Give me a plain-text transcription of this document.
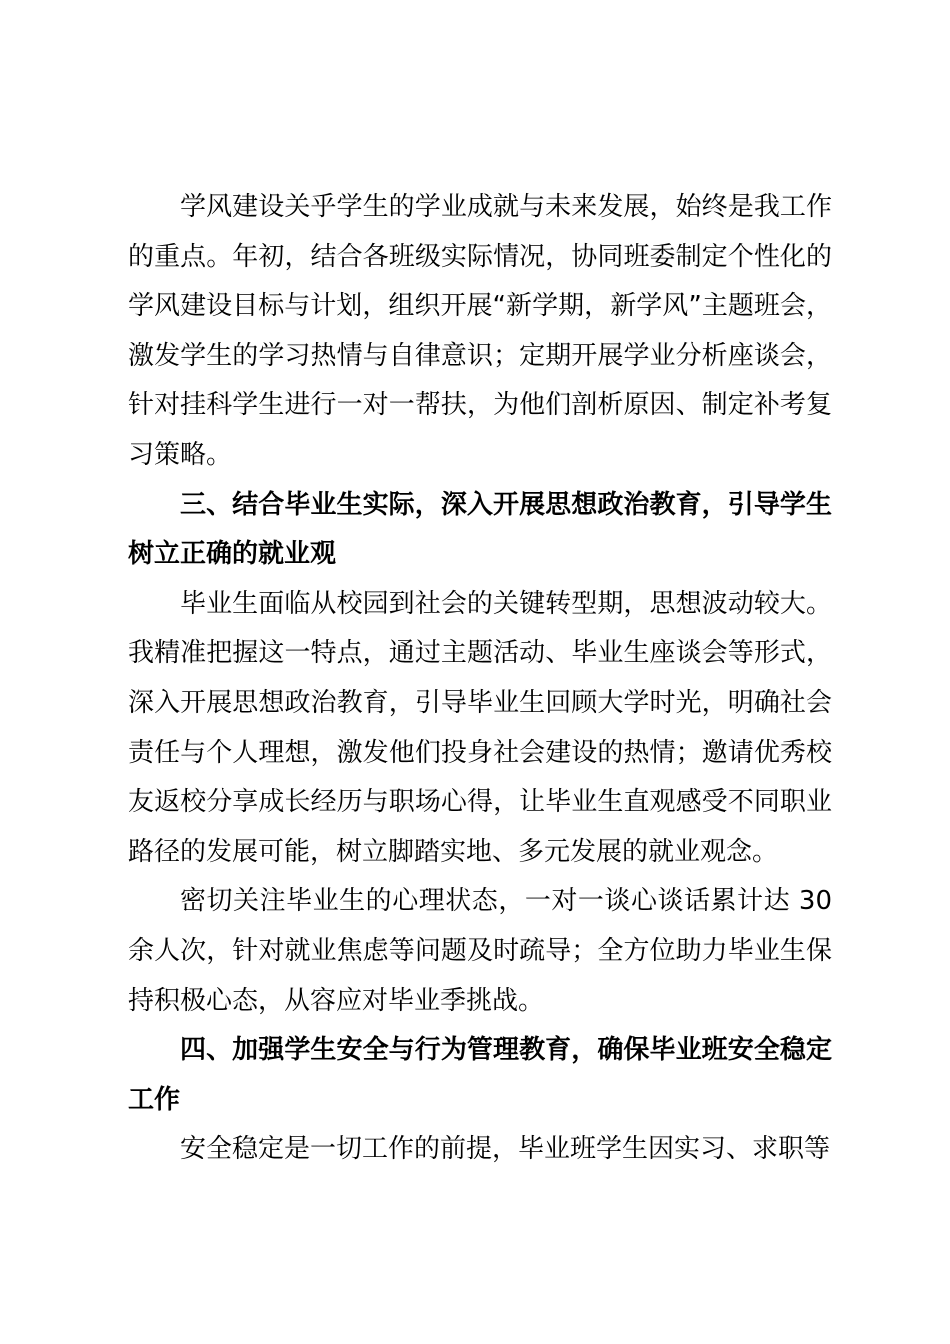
学风建设关乎学生的学业成就与未来发展，始终是我工作的重点。年初，结合各班级实际情况，协同班委制定个性化的学风建设目标与计划，组织开展“新学期，新学风”主题班会，激发学生的学习热情与自律意识；定期开展学业分析座谈会，针对挂科学生进行一对一帮扶，为他们剖析原因、制定补考复习策略。

三、结合毕业生实际，深入开展思想政治教育，引导学生树立正确的就业观

毕业生面临从校园到社会的关键转型期，思想波动较大。我精准把握这一特点，通过主题活动、毕业生座谈会等形式，深入开展思想政治教育，引导毕业生回顾大学时光，明确社会责任与个人理想，激发他们投身社会建设的热情；邀请优秀校友返校分享成长经历与职场心得，让毕业生直观感受不同职业路径的发展可能，树立脚踏实地、多元发展的就业观念。

密切关注毕业生的心理状态，一对一谈心谈话累计达 30 余人次，针对就业焦虑等问题及时疏导；全方位助力毕业生保持积极心态，从容应对毕业季挑战。

四、加强学生安全与行为管理教育，确保毕业班安全稳定工作

安全稳定是一切工作的前提，毕业班学生因实习、求职等
